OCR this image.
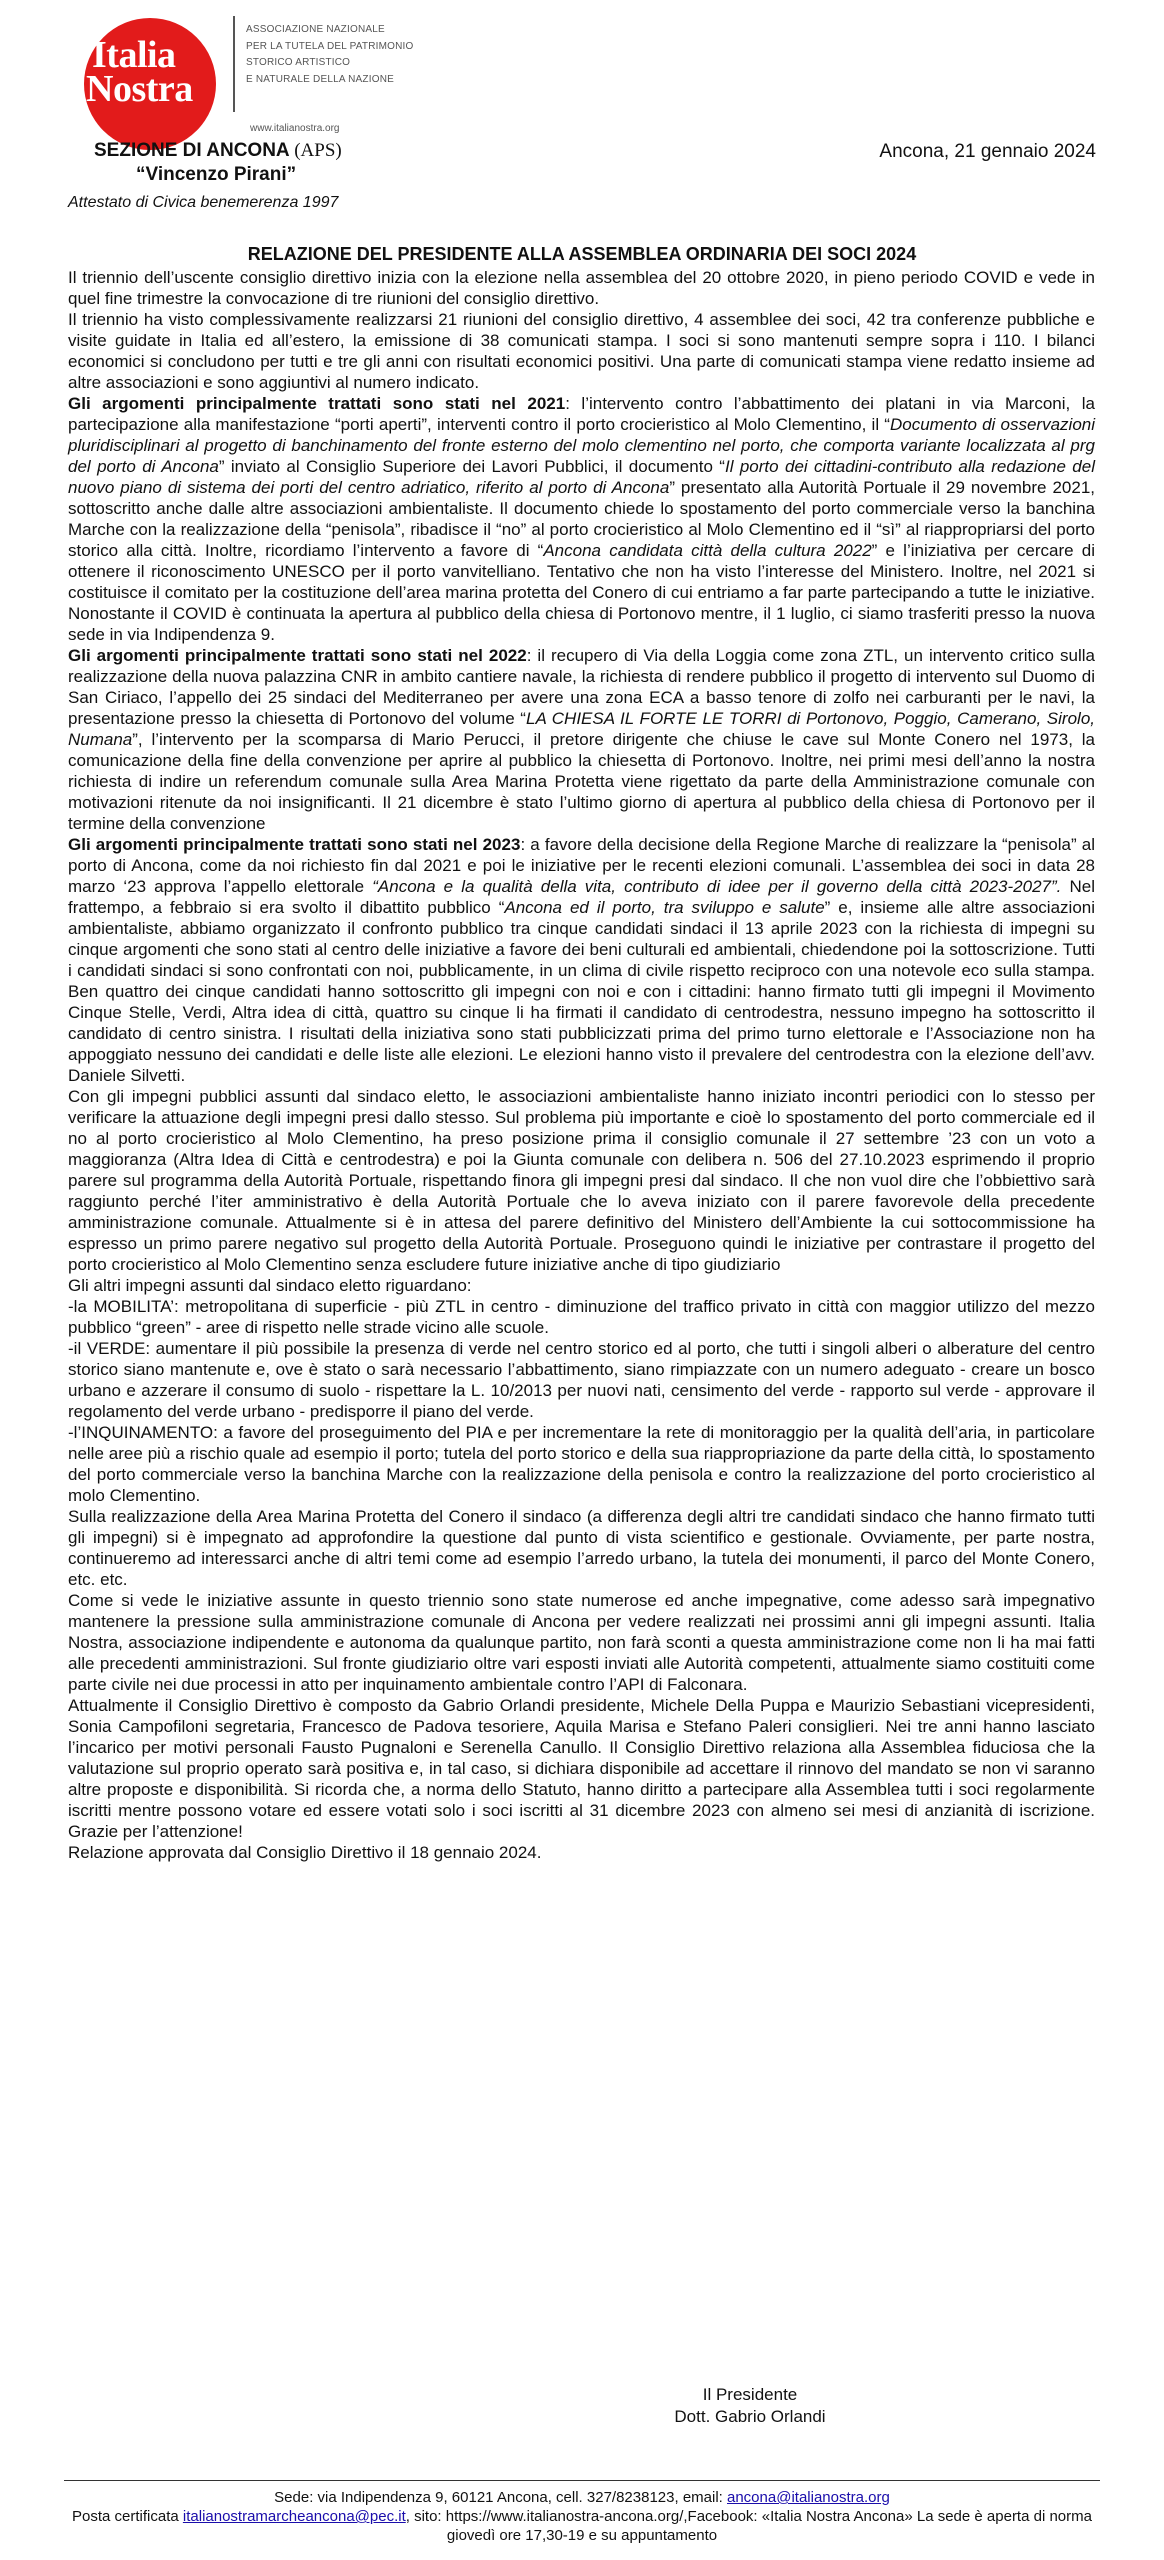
Italia
Nostra
ASSOCIAZIONE NAZIONALE
PER LA TUTELA DEL PATRIMONIO
STORICO ARTISTICO
E NATURALE DELLA NAZIONE
www.italianostra.org
SEZIONE DI ANCONA (APS)
“Vincenzo Pirani”
Attestato di Civica benemerenza 1997
Ancona, 21 gennaio 2024
RELAZIONE DEL PRESIDENTE ALLA ASSEMBLEA ORDINARIA DEI SOCI 2024

Il triennio dell’uscente consiglio direttivo inizia con la elezione nella assemblea del 20 ottobre 2020, in pieno periodo COVID e vede in quel fine trimestre la convocazione di tre riunioni del consiglio direttivo.

Il triennio ha visto complessivamente realizzarsi 21 riunioni del consiglio direttivo, 4 assemblee dei soci, 42 tra conferenze pubbliche e visite guidate in Italia ed all’estero, la emissione di 38 comunicati stampa. I soci si sono mantenuti sempre sopra i 110. I bilanci economici si concludono per tutti e tre gli anni con risultati economici positivi. Una parte di comunicati stampa viene redatto insieme ad altre associazioni e sono aggiuntivi al numero indicato.

Gli argomenti principalmente trattati sono stati nel 2021: l’intervento contro l’abbattimento dei platani in via Marconi, la partecipazione alla manifestazione “porti aperti”, interventi contro il porto crocieristico al Molo Clementino, il “Documento di osservazioni pluridisciplinari al progetto di banchinamento del fronte esterno del molo clementino nel porto, che comporta variante localizzata al prg del porto di Ancona” inviato al Consiglio Superiore dei Lavori Pubblici, il documento “Il porto dei cittadini-contributo alla redazione del nuovo piano di sistema dei porti del centro adriatico, riferito al porto di Ancona” presentato alla Autorità Portuale il 29 novembre 2021, sottoscritto anche dalle altre associazioni ambientaliste. Il documento chiede lo spostamento del porto commerciale verso la banchina Marche con la realizzazione della “penisola”, ribadisce il “no” al porto crocieristico al Molo Clementino ed il “sì” al riappropriarsi del porto storico alla città. Inoltre, ricordiamo l’intervento a favore di “Ancona candidata città della cultura 2022” e l’iniziativa per cercare di ottenere il riconoscimento UNESCO per il porto vanvitelliano. Tentativo che non ha visto l’interesse del Ministero. Inoltre, nel 2021 si costituisce il comitato per la costituzione dell’area marina protetta del Conero di cui entriamo a far parte partecipando a tutte le iniziative. Nonostante il COVID è continuata la apertura al pubblico della chiesa di Portonovo mentre, il 1 luglio, ci siamo trasferiti presso la nuova sede in via Indipendenza 9.

Gli argomenti principalmente trattati sono stati nel 2022: il recupero di Via della Loggia come zona ZTL, un intervento critico sulla realizzazione della nuova palazzina CNR in ambito cantiere navale, la richiesta di rendere pubblico il progetto di intervento sul Duomo di San Ciriaco, l’appello dei 25 sindaci del Mediterraneo per avere una zona ECA a basso tenore di zolfo nei carburanti per le navi, la presentazione presso la chiesetta di Portonovo del volume “LA CHIESA IL FORTE LE TORRI di Portonovo, Poggio, Camerano, Sirolo, Numana”, l’intervento per la scomparsa di Mario Perucci, il pretore dirigente che chiuse le cave sul Monte Conero nel 1973, la comunicazione della fine della convenzione per aprire al pubblico la chiesetta di Portonovo. Inoltre, nei primi mesi dell’anno la nostra richiesta di indire un referendum comunale sulla Area Marina Protetta viene rigettato da parte della Amministrazione comunale con motivazioni ritenute da noi insignificanti. Il 21 dicembre è stato l’ultimo giorno di apertura al pubblico della chiesa di Portonovo per il termine della convenzione

Gli argomenti principalmente trattati sono stati nel 2023: a favore della decisione della Regione Marche di realizzare la “penisola” al porto di Ancona, come da noi richiesto fin dal 2021 e poi le iniziative per le recenti elezioni comunali. L’assemblea dei soci in data 28 marzo ‘23 approva l’appello elettorale “Ancona e la qualità della vita, contributo di idee per il governo della città 2023-2027”. Nel frattempo, a febbraio si era svolto il dibattito pubblico “Ancona ed il porto, tra sviluppo e salute” e, insieme alle altre associazioni ambientaliste, abbiamo organizzato il confronto pubblico tra cinque candidati sindaci il 13 aprile 2023 con la richiesta di impegni su cinque argomenti che sono stati al centro delle iniziative a favore dei beni culturali ed ambientali, chiedendone poi la sottoscrizione. Tutti i candidati sindaci si sono confrontati con noi, pubblicamente, in un clima di civile rispetto reciproco con una notevole eco sulla stampa. Ben quattro dei cinque candidati hanno sottoscritto gli impegni con noi e con i cittadini: hanno firmato tutti gli impegni il Movimento Cinque Stelle, Verdi, Altra idea di città, quattro su cinque li ha firmati il candidato di centrodestra, nessuno impegno ha sottoscritto il candidato di centro sinistra. I risultati della iniziativa sono stati pubblicizzati prima del primo turno elettorale e l’Associazione non ha appoggiato nessuno dei candidati e delle liste alle elezioni. Le elezioni hanno visto il prevalere del centrodestra con la elezione dell’avv. Daniele Silvetti.

Con gli impegni pubblici assunti dal sindaco eletto, le associazioni ambientaliste hanno iniziato incontri periodici con lo stesso per verificare la attuazione degli impegni presi dallo stesso. Sul problema più importante e cioè lo spostamento del porto commerciale ed il no al porto crocieristico al Molo Clementino, ha preso posizione prima il consiglio comunale il 27 settembre ’23 con un voto a maggioranza (Altra Idea di Città e centrodestra) e poi la Giunta comunale con delibera n. 506 del 27.10.2023 esprimendo il proprio parere sul programma della Autorità Portuale, rispettando finora gli impegni presi dal sindaco. Il che non vuol dire che l’obbiettivo sarà raggiunto perché l’iter amministrativo è della Autorità Portuale che lo aveva iniziato con il parere favorevole della precedente amministrazione comunale. Attualmente si è in attesa del parere definitivo del Ministero dell’Ambiente la cui sottocommissione ha espresso un primo parere negativo sul progetto della Autorità Portuale. Proseguono quindi le iniziative per contrastare il progetto del porto crocieristico al Molo Clementino senza escludere future iniziative anche di tipo giudiziario

Gli altri impegni assunti dal sindaco eletto riguardano:

-la MOBILITA’: metropolitana di superficie - più ZTL in centro - diminuzione del traffico privato in città con maggior utilizzo del mezzo pubblico “green” - aree di rispetto nelle strade vicino alle scuole.

-il VERDE: aumentare il più possibile la presenza di verde nel centro storico ed al porto, che tutti i singoli alberi o alberature del centro storico siano mantenute e, ove è stato o sarà necessario l’abbattimento, siano rimpiazzate con un numero adeguato - creare un bosco urbano e azzerare il consumo di suolo - rispettare la L. 10/2013 per nuovi nati, censimento del verde - rapporto sul verde - approvare il regolamento del verde urbano - predisporre il piano del verde.

-l’INQUINAMENTO: a favore del proseguimento del PIA e per incrementare la rete di monitoraggio per la qualità dell’aria, in particolare nelle aree più a rischio quale ad esempio il porto; tutela del porto storico e della sua riappropriazione da parte della città, lo spostamento del porto commerciale verso la banchina Marche con la realizzazione della penisola e contro la realizzazione del porto crocieristico al molo Clementino.

Sulla realizzazione della Area Marina Protetta del Conero il sindaco (a differenza degli altri tre candidati sindaco che hanno firmato tutti gli impegni) si è impegnato ad approfondire la questione dal punto di vista scientifico e gestionale. Ovviamente, per parte nostra, continueremo ad interessarci anche di altri temi come ad esempio l’arredo urbano, la tutela dei monumenti, il parco del Monte Conero, etc. etc.

Come si vede le iniziative assunte in questo triennio sono state numerose ed anche impegnative, come adesso sarà impegnativo mantenere la pressione sulla amministrazione comunale di Ancona per vedere realizzati nei prossimi anni gli impegni assunti. Italia Nostra, associazione indipendente e autonoma da qualunque partito, non farà sconti a questa amministrazione come non li ha mai fatti alle precedenti amministrazioni. Sul fronte giudiziario oltre vari esposti inviati alle Autorità competenti, attualmente siamo costituiti come parte civile nei due processi in atto per inquinamento ambientale contro l’API di Falconara.

Attualmente il Consiglio Direttivo è composto da Gabrio Orlandi presidente, Michele Della Puppa e Maurizio Sebastiani vicepresidenti, Sonia Campofiloni segretaria, Francesco de Padova tesoriere, Aquila Marisa e Stefano Paleri consiglieri. Nei tre anni hanno lasciato l’incarico per motivi personali Fausto Pugnaloni e Serenella Canullo. Il Consiglio Direttivo relaziona alla Assemblea fiduciosa che la valutazione sul proprio operato sarà positiva e, in tal caso, si dichiara disponibile ad accettare il rinnovo del mandato se non vi saranno altre proposte e disponibilità. Si ricorda che, a norma dello Statuto, hanno diritto a partecipare alla Assemblea tutti i soci regolarmente iscritti mentre possono votare ed essere votati solo i soci iscritti al 31 dicembre 2023 con almeno sei mesi di anzianità di iscrizione. Grazie per l’attenzione!

Relazione approvata dal Consiglio Direttivo il 18 gennaio 2024.

Il Presidente
Dott. Gabrio Orlandi
Sede: via Indipendenza 9, 60121 Ancona, cell. 327/8238123, email: ancona@italianostra.org
Posta certificata italianostramarcheancona@pec.it, sito: https://www.italianostra-ancona.org/,Facebook: «Italia Nostra Ancona» La sede è aperta di norma giovedì ore 17,30-19 e su appuntamento
